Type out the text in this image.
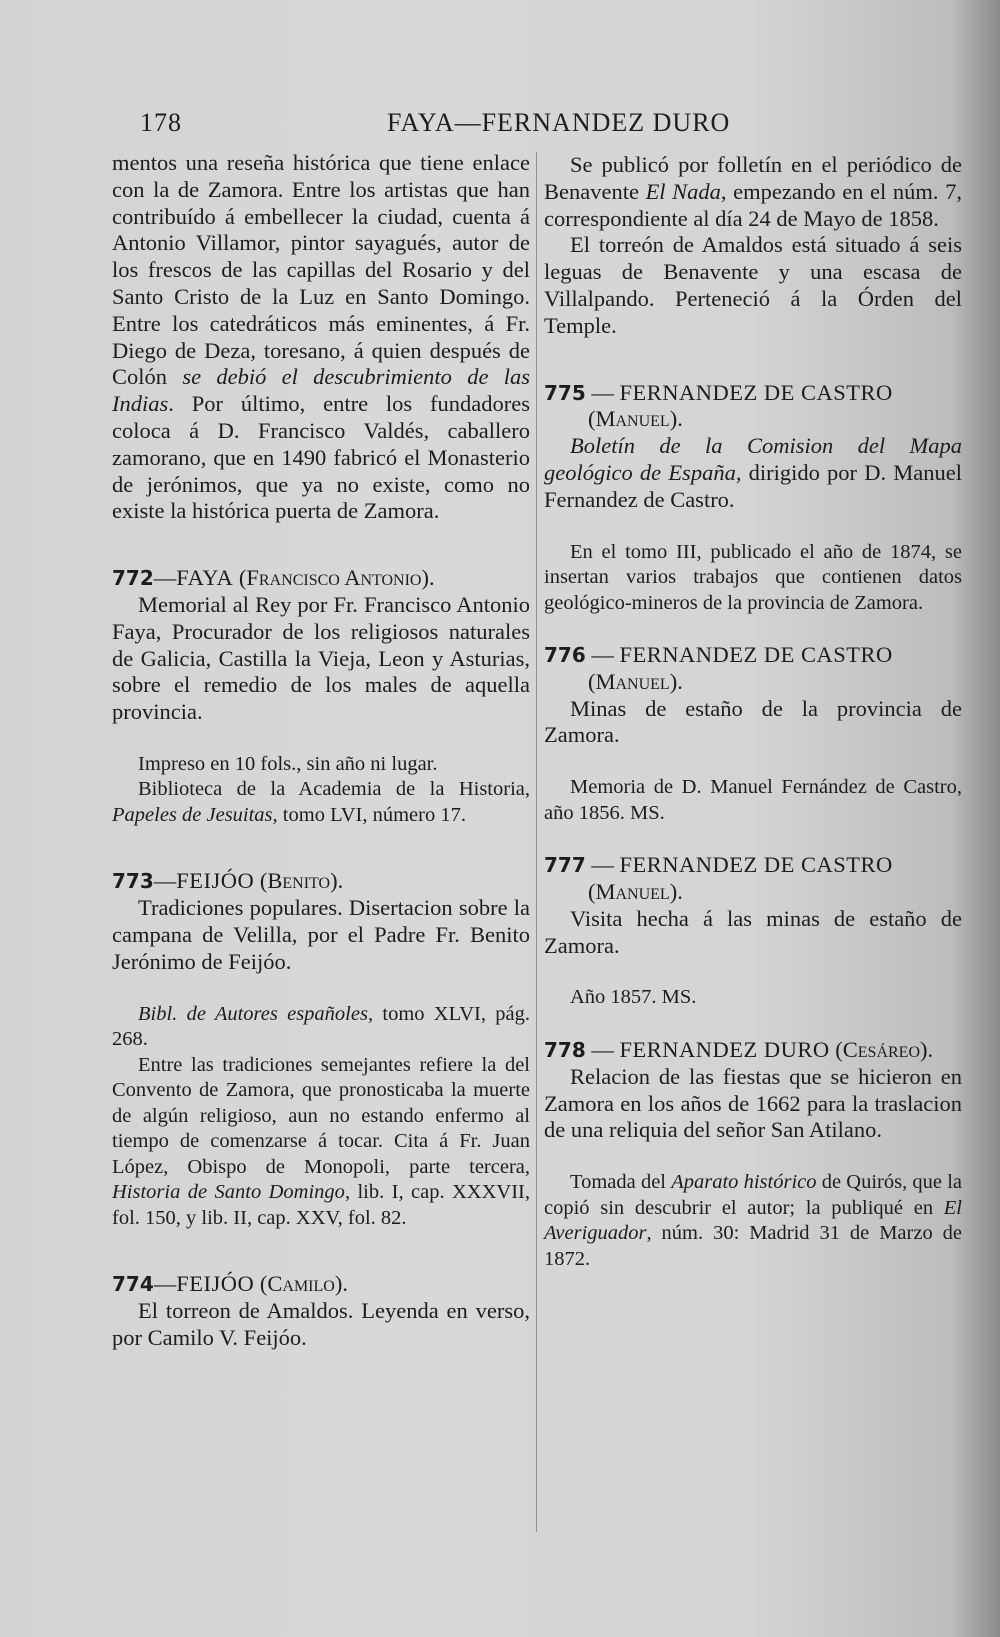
178	FAYA—FERNANDEZ DURO

mentos una reseña histórica que tiene enlace con la de Zamora. Entre los artistas que han contribuído á embellecer la ciudad, cuenta á Antonio Villamor, pintor sayagués, autor de los frescos de las capillas del Rosario y del Santo Cristo de la Luz en Santo Domingo. Entre los catedráticos más eminentes, á Fr. Diego de Deza, toresano, á quien después de Colón se debió el descubrimiento de las Indias. Por último, entre los fundadores coloca á D. Francisco Valdés, caballero zamorano, que en 1490 fabricó el Monasterio de jerónimos, que ya no existe, como no existe la histórica puerta de Zamora.

772—FAYA (Francisco Antonio).

Memorial al Rey por Fr. Francisco Antonio Faya, Procurador de los religiosos naturales de Galicia, Castilla la Vieja, Leon y Asturias, sobre el remedio de los males de aquella provincia.

Impreso en 10 fols., sin año ni lugar.

Biblioteca de la Academia de la Historia, Papeles de Jesuitas, tomo LVI, número 17.

773—FEIJÓO (Benito).

Tradiciones populares. Disertacion sobre la campana de Velilla, por el Padre Fr. Benito Jerónimo de Feijóo.

Bibl. de Autores españoles, tomo XLVI, pág. 268.

Entre las tradiciones semejantes refiere la del Convento de Zamora, que pronosticaba la muerte de algún religioso, aun no estando enfermo al tiempo de comenzarse á tocar. Cita á Fr. Juan López, Obispo de Monopoli, parte tercera, Historia de Santo Domingo, lib. I, cap. XXXVII, fol. 150, y lib. II, cap. XXV, fol. 82.

774—FEIJÓO (Camilo).

El torreon de Amaldos. Leyenda en verso, por Camilo V. Feijóo.

Se publicó por folletín en el periódico de Benavente El Nada, empezando en el núm. 7, correspondiente al día 24 de Mayo de 1858.

El torreón de Amaldos está situado á seis leguas de Benavente y una escasa de Villalpando. Perteneció á la Órden del Temple.

775 — FERNANDEZ DE CASTRO

(Manuel).

Boletín de la Comision del Mapa geológico de España, dirigido por D. Manuel Fernandez de Castro.

En el tomo III, publicado el año de 1874, se insertan varios trabajos que contienen datos geológico-mineros de la provincia de Zamora.

776 — FERNANDEZ DE CASTRO

(Manuel).

Minas de estaño de la provincia de Zamora.

Memoria de D. Manuel Fernández de Castro, año 1856. MS.

777 — FERNANDEZ DE CASTRO

(Manuel).

Visita hecha á las minas de estaño de Zamora.

Año 1857. MS.

778 — FERNANDEZ DURO (Cesáreo).

Relacion de las fiestas que se hicieron en Zamora en los años de 1662 para la traslacion de una reliquia del señor San Atilano.

Tomada del Aparato histórico de Quirós, que la copió sin descubrir el autor; la publiqué en El Averiguador, núm. 30: Madrid 31 de Marzo de 1872.
